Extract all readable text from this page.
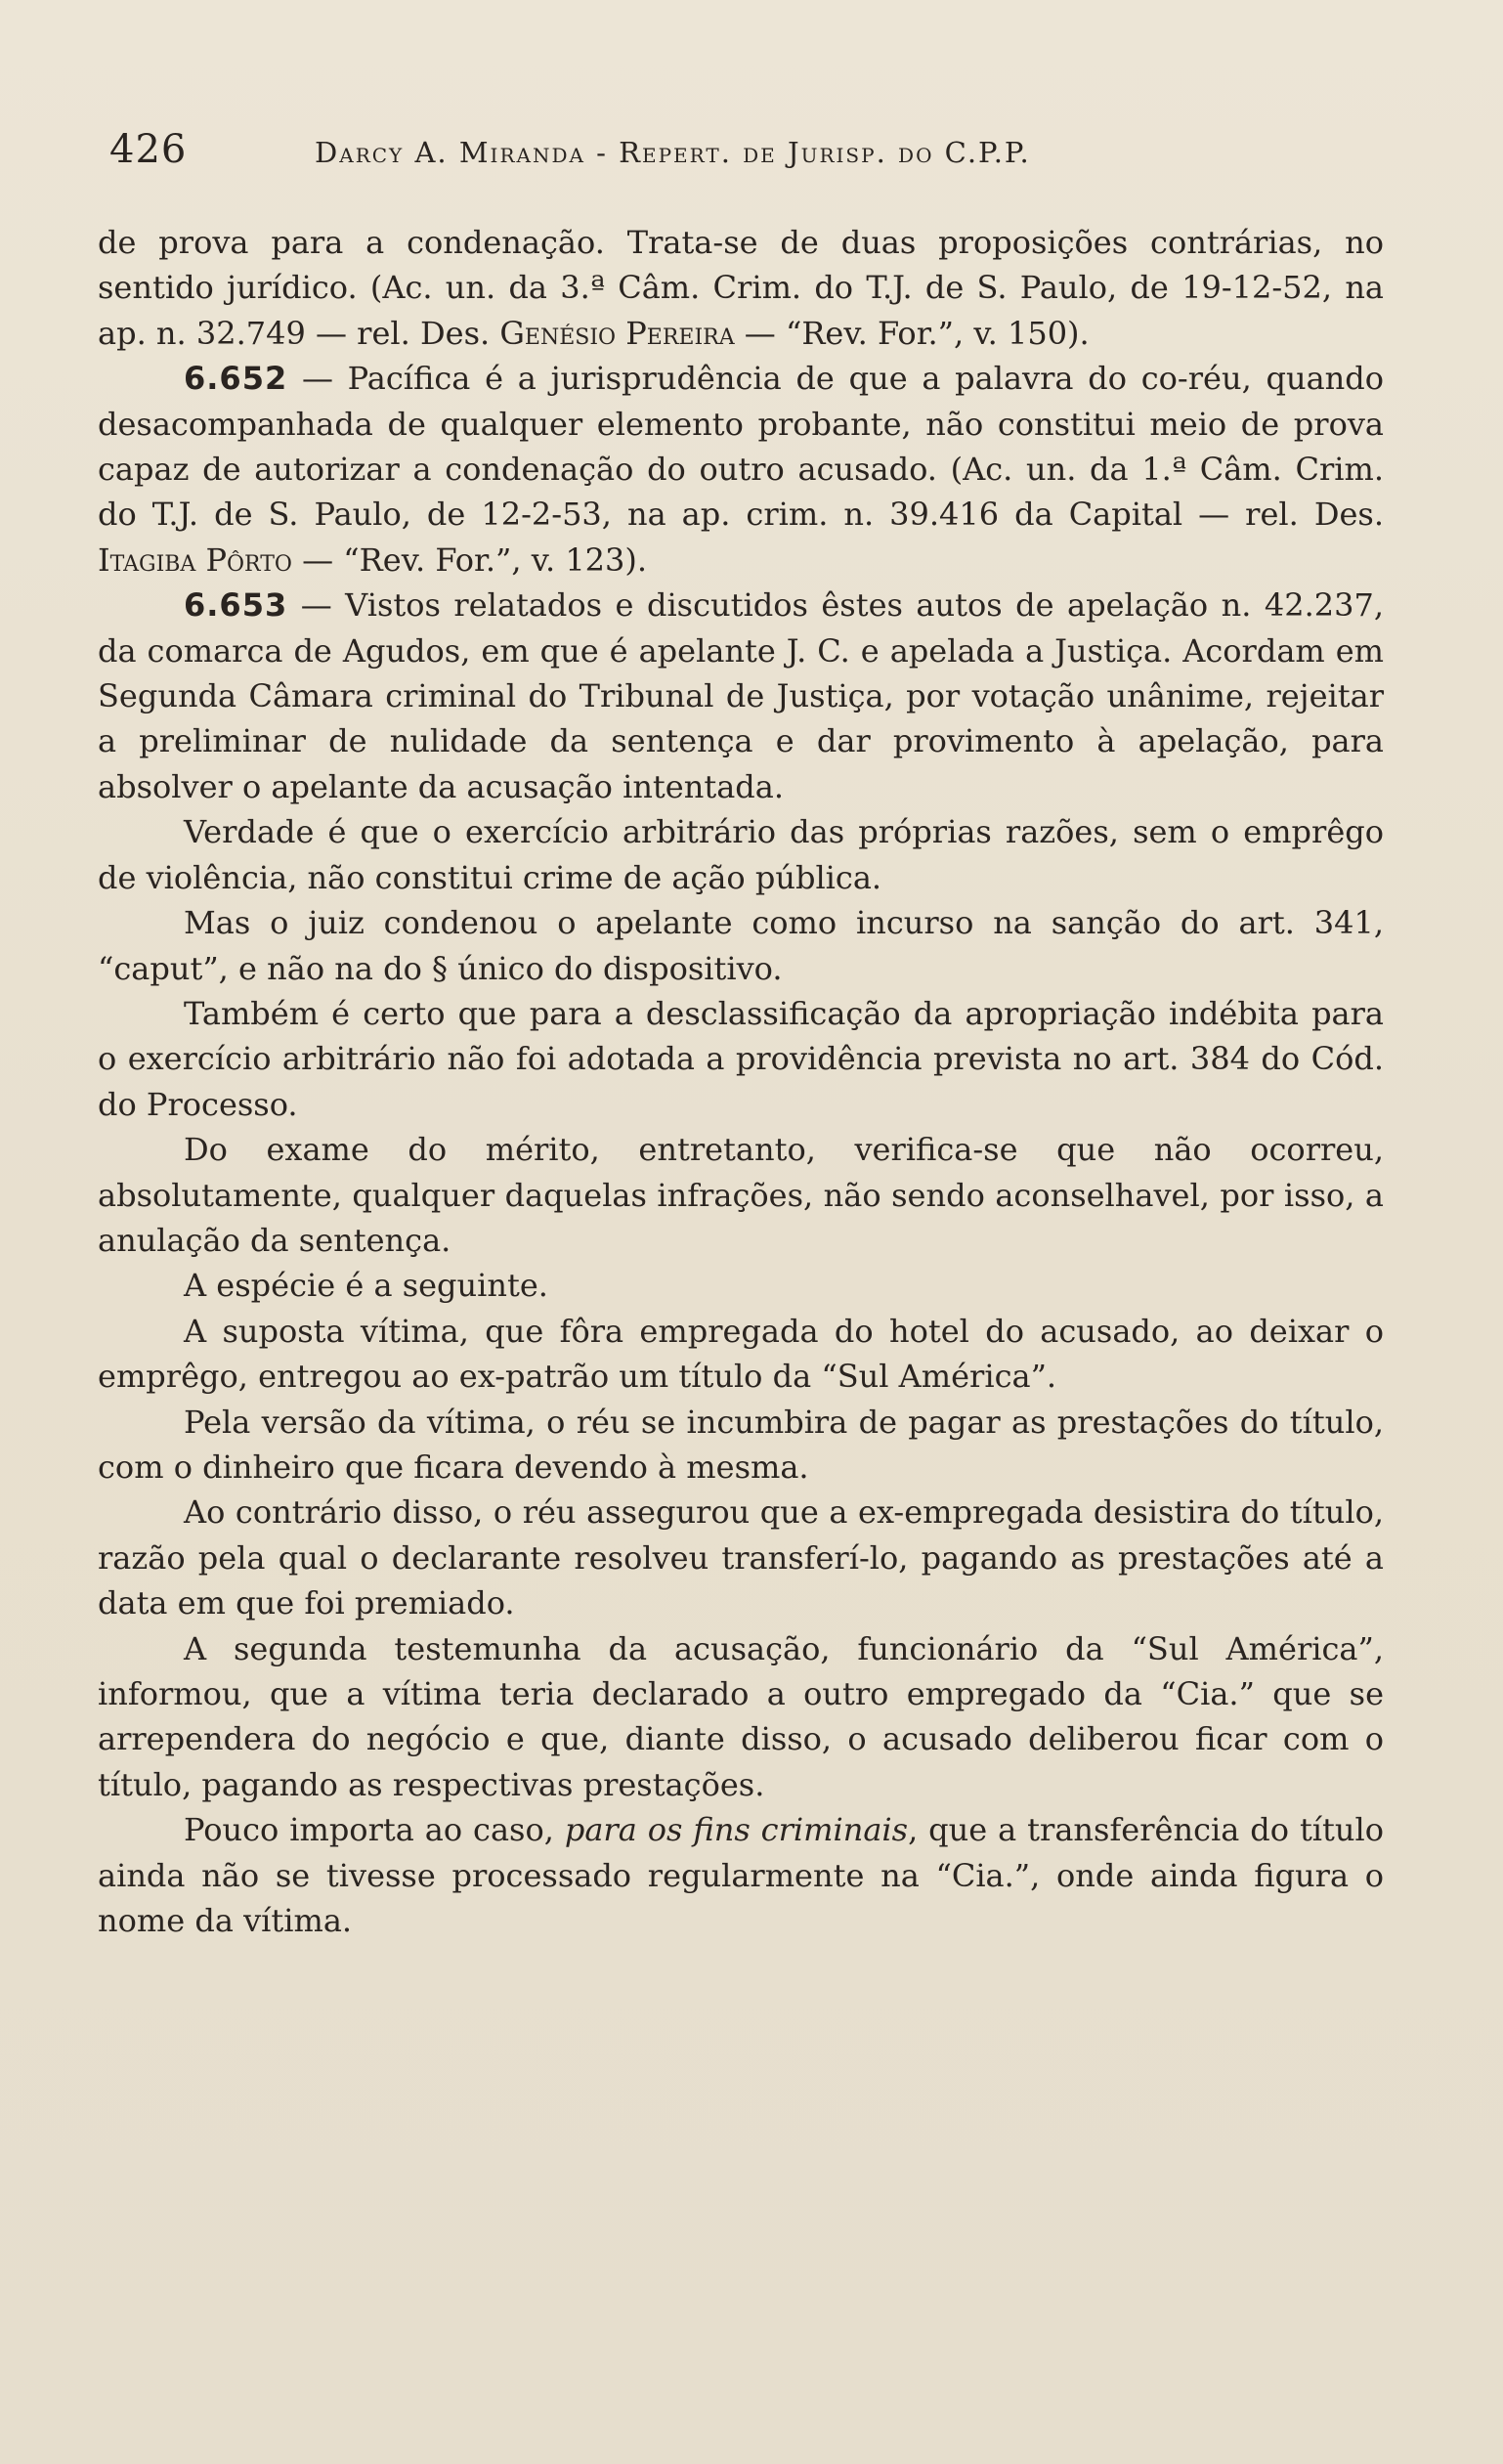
426	Darcy A. Miranda - Repert. de Jurisp. do C.P.P.

de prova para a condenação. Trata-se de duas proposições contrárias, no sentido jurídico. (Ac. un. da 3.ª Câm. Crim. do T.J. de S. Paulo, de 19-12-52, na ap. n. 32.749 — rel. Des. Genésio Pereira — “Rev. For.”, v. 150).

6.652 — Pacífica é a jurisprudência de que a palavra do co-réu, quando desacompanhada de qualquer elemento probante, não constitui meio de prova capaz de autorizar a condenação do outro acusado. (Ac. un. da 1.ª Câm. Crim. do T.J. de S. Paulo, de 12-2-53, na ap. crim. n. 39.416 da Capital — rel. Des. Itagiba Pôrto — “Rev. For.”, v. 123).

6.653 — Vistos relatados e discutidos êstes autos de apelação n. 42.237, da comarca de Agudos, em que é apelante J. C. e apelada a Justiça. Acordam em Segunda Câmara criminal do Tribunal de Justiça, por votação unânime, rejeitar a preliminar de nulidade da sentença e dar provimento à apelação, para absolver o apelante da acusação intentada.

Verdade é que o exercício arbitrário das próprias razões, sem o emprêgo de violência, não constitui crime de ação pública.

Mas o juiz condenou o apelante como incurso na sanção do art. 341, “caput”, e não na do § único do dispositivo.

Também é certo que para a desclassificação da apropriação indébita para o exercício arbitrário não foi adotada a providência prevista no art. 384 do Cód. do Processo.

Do exame do mérito, entretanto, verifica-se que não ocorreu, absolutamente, qualquer daquelas infrações, não sendo aconselhavel, por isso, a anulação da sentença.

A espécie é a seguinte.

A suposta vítima, que fôra empregada do hotel do acusado, ao deixar o emprêgo, entregou ao ex-patrão um título da “Sul América”.

Pela versão da vítima, o réu se incumbira de pagar as prestações do título, com o dinheiro que ficara devendo à mesma.

Ao contrário disso, o réu assegurou que a ex-empregada desistira do título, razão pela qual o declarante resolveu transferí-lo, pagando as prestações até a data em que foi premiado.

A segunda testemunha da acusação, funcionário da “Sul América”, informou, que a vítima teria declarado a outro empregado da “Cia.” que se arrependera do negócio e que, diante disso, o acusado deliberou ficar com o título, pagando as respectivas prestações.

Pouco importa ao caso, para os fins criminais, que a transferência do título ainda não se tivesse processado regularmente na “Cia.”, onde ainda figura o nome da vítima.
